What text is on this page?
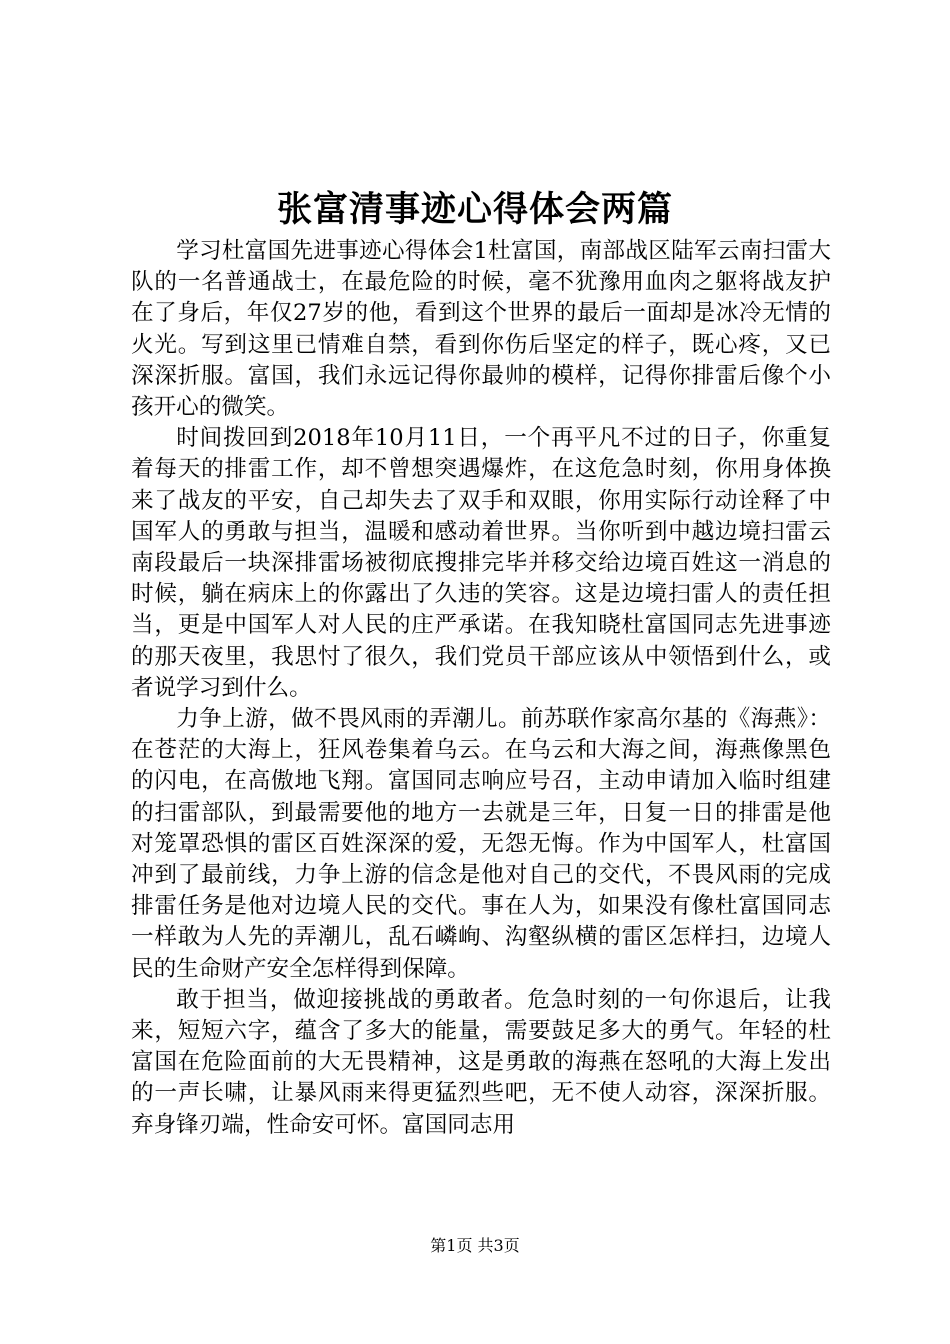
张富清事迹心得体会两篇

学习杜富国先进事迹心得体会1杜富国，南部战区陆军云南扫雷大队的一名普通战士，在最危险的时候，毫不犹豫用血肉之躯将战友护在了身后，年仅27岁的他，看到这个世界的最后一面却是冰冷无情的火光。写到这里已情难自禁，看到你伤后坚定的样子，既心疼，又已深深折服。富国，我们永远记得你最帅的模样，记得你排雷后像个小孩开心的微笑。

时间拨回到2018年10月11日，一个再平凡不过的日子，你重复着每天的排雷工作，却不曾想突遇爆炸，在这危急时刻，你用身体换来了战友的平安，自己却失去了双手和双眼，你用实际行动诠释了中国军人的勇敢与担当，温暖和感动着世界。当你听到中越边境扫雷云南段最后一块深排雷场被彻底搜排完毕并移交给边境百姓这一消息的时候，躺在病床上的你露出了久违的笑容。这是边境扫雷人的责任担当，更是中国军人对人民的庄严承诺。在我知晓杜富国同志先进事迹的那天夜里，我思忖了很久，我们党员干部应该从中领悟到什么，或者说学习到什么。

力争上游，做不畏风雨的弄潮儿。前苏联作家高尔基的《海燕》：在苍茫的大海上，狂风卷集着乌云。在乌云和大海之间，海燕像黑色的闪电，在高傲地飞翔。富国同志响应号召，主动申请加入临时组建的扫雷部队，到最需要他的地方一去就是三年，日复一日的排雷是他对笼罩恐惧的雷区百姓深深的爱，无怨无悔。作为中国军人，杜富国冲到了最前线，力争上游的信念是他对自己的交代，不畏风雨的完成排雷任务是他对边境人民的交代。事在人为，如果没有像杜富国同志一样敢为人先的弄潮儿，乱石嶙峋、沟壑纵横的雷区怎样扫，边境人民的生命财产安全怎样得到保障。

敢于担当，做迎接挑战的勇敢者。危急时刻的一句你退后，让我来，短短六字，蕴含了多大的能量，需要鼓足多大的勇气。年轻的杜富国在危险面前的大无畏精神，这是勇敢的海燕在怒吼的大海上发出的一声长啸，让暴风雨来得更猛烈些吧，无不使人动容，深深折服。弃身锋刃端，性命安可怀。富国同志用

第1页 共3页
